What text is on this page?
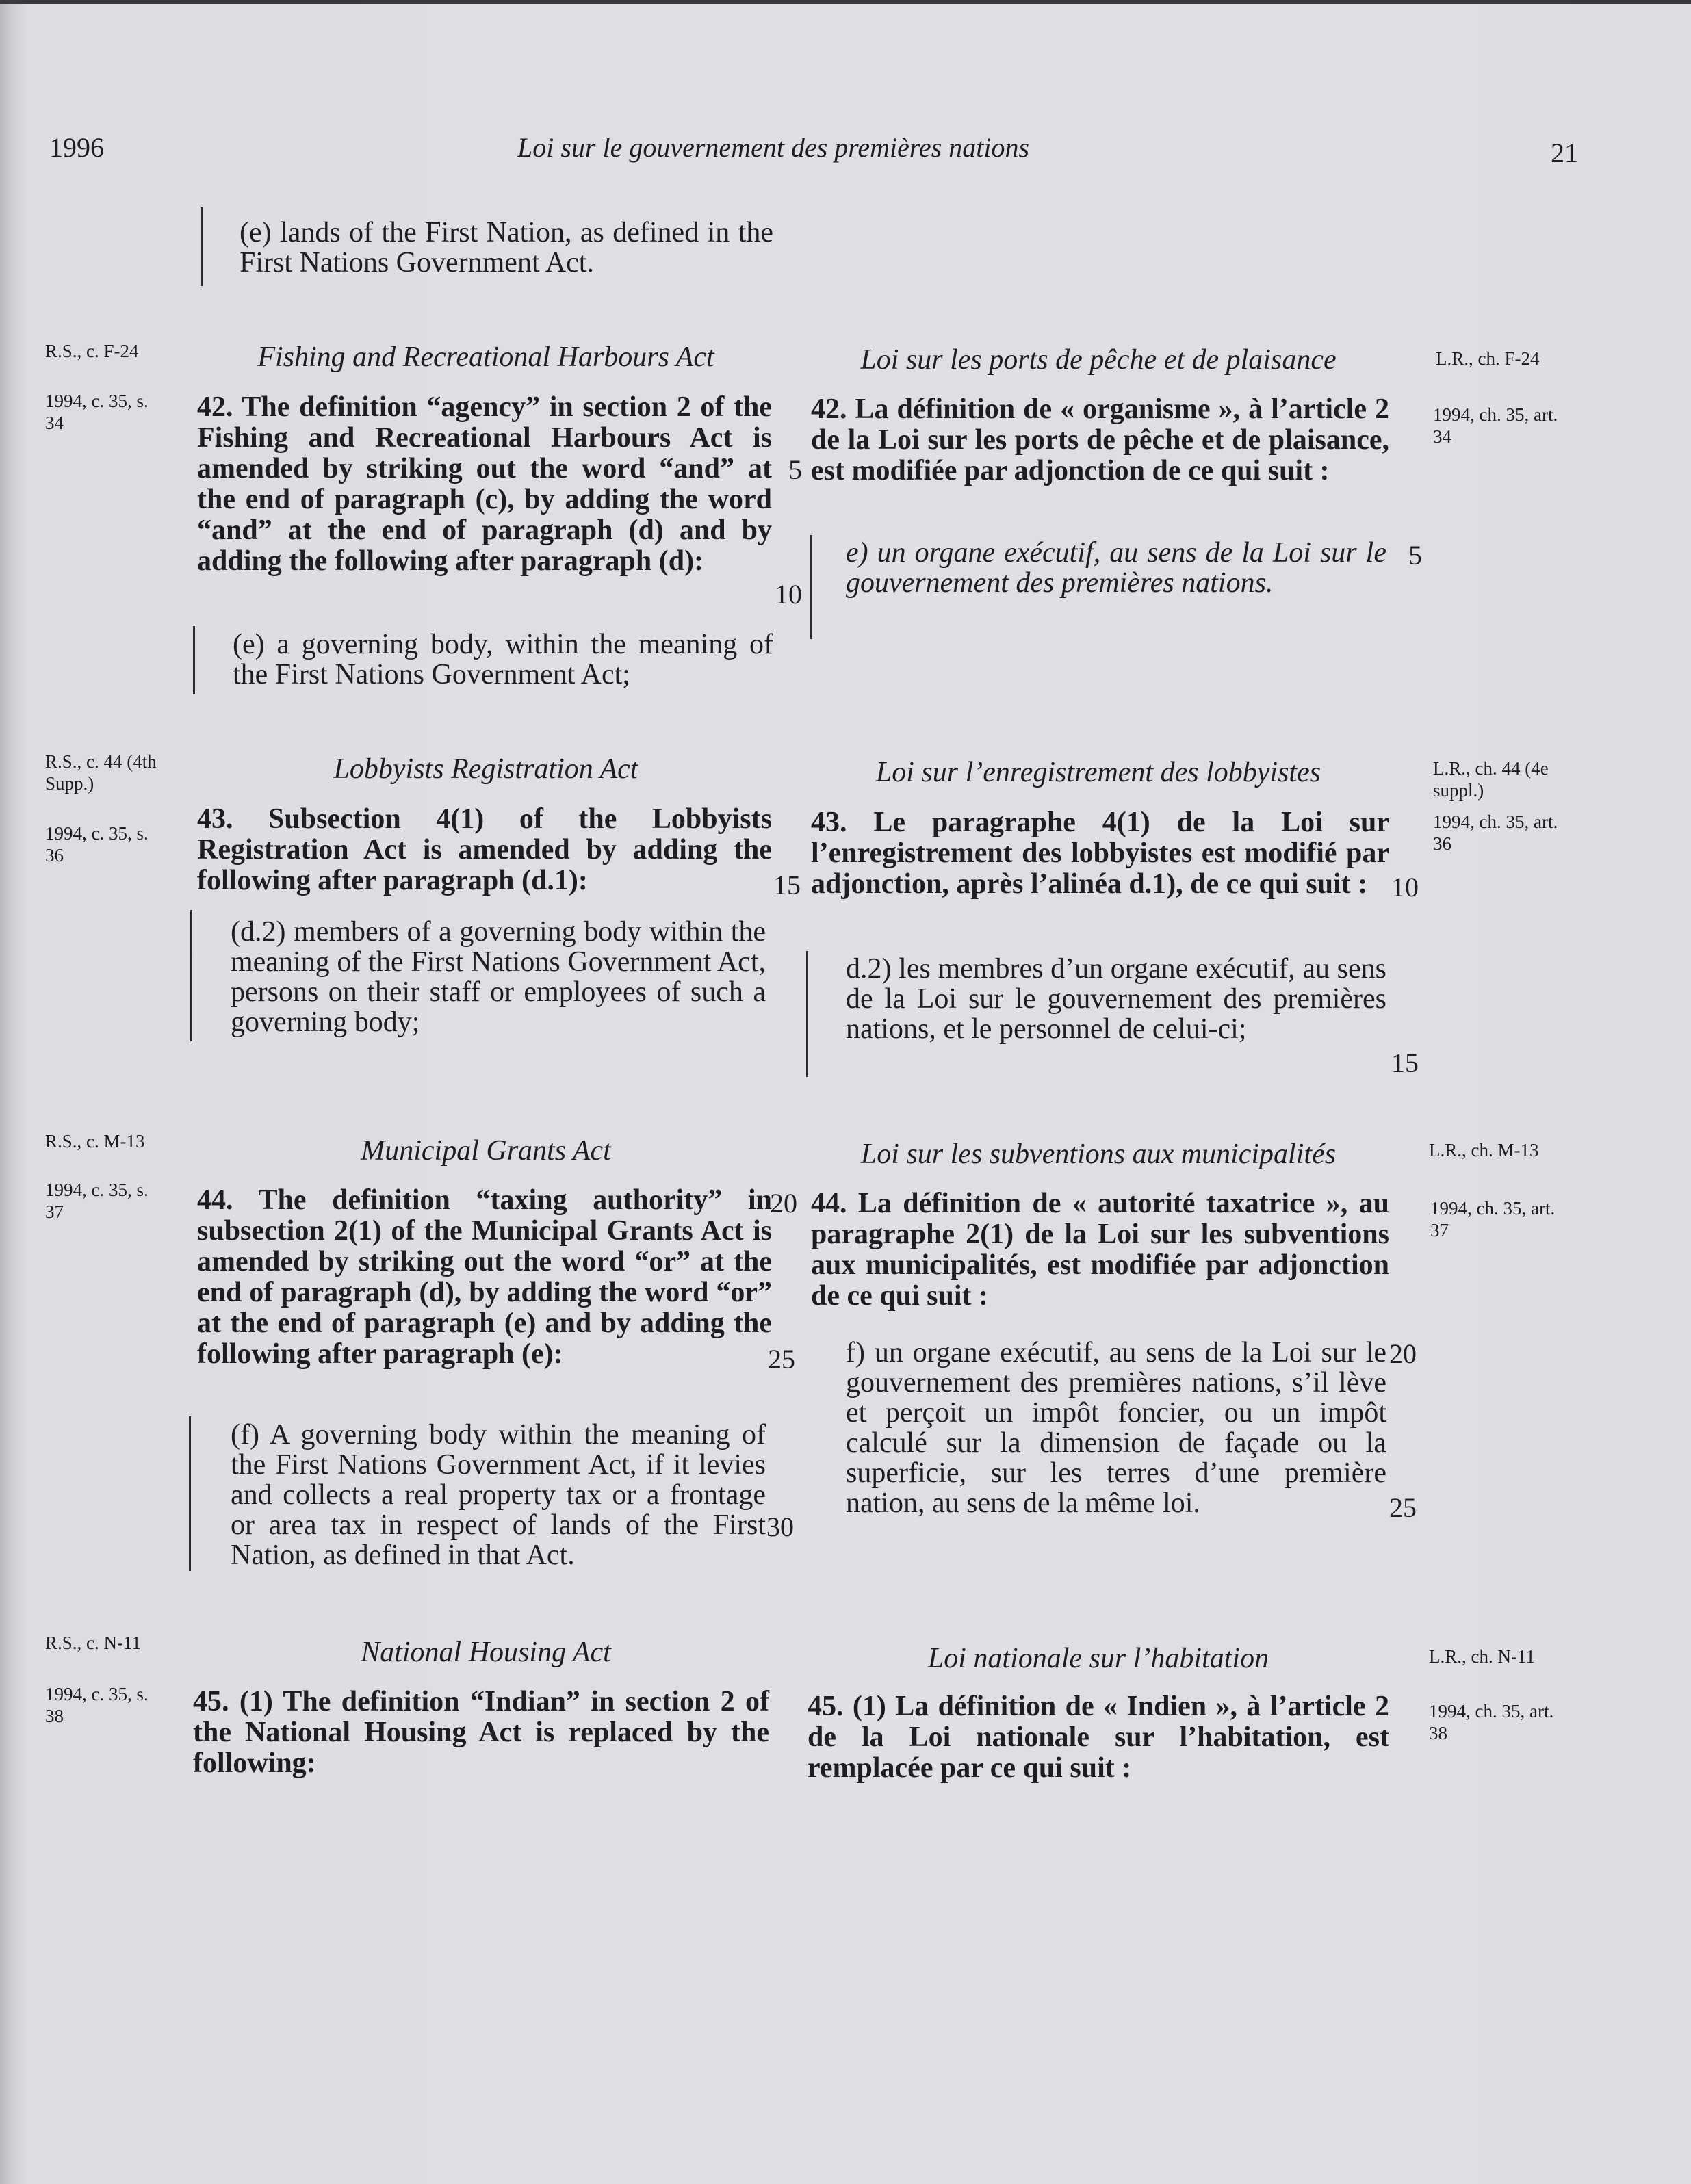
1996	Loi sur le gouvernement des premières nations	21
(e) lands of the First Nation, as defined in the First Nations Government Act.
R.S., c. F-24
1994, c. 35, s. 34
Fishing and Recreational Harbours Act
42. The definition “agency” in section 2 of the Fishing and Recreational Harbours Act is amended by striking out the word “and” at the end of paragraph (c), by adding the word “and” at the end of paragraph (d) and by adding the following after paragraph (d):
(e) a governing body, within the meaning of the First Nations Government Act;
5
10
Loi sur les ports de pêche et de plaisance	L.R., ch. F-24
1994, ch. 35, art. 34
42. La définition de « organisme », à l’article 2 de la Loi sur les ports de pêche et de plaisance, est modifiée par adjonction de ce qui suit :
e) un organe exécutif, au sens de la Loi sur le gouvernement des premières nations.
5
R.S., c. 44 (4th Supp.)
1994, c. 35, s. 36
Lobbyists Registration Act
43. Subsection 4(1) of the Lobbyists Registration Act is amended by adding the following after paragraph (d.1):
(d.2) members of a governing body within the meaning of the First Nations Government Act, persons on their staff or employees of such a governing body;
15
Loi sur l’enregistrement des lobbyistes	L.R., ch. 44 (4e suppl.)
1994, ch. 35, art. 36
43. Le paragraphe 4(1) de la Loi sur l’enregistrement des lobbyistes est modifié par adjonction, après l’alinéa d.1), de ce qui suit : 10
d.2) les membres d’un organe exécutif, au sens de la Loi sur le gouvernement des premières nations, et le personnel de celui-ci;
15
R.S., c. M-13
1994, c. 35, s. 37
Municipal Grants Act
44. The definition “taxing authority” in subsection 2(1) of the Municipal Grants Act is amended by striking out the word “or” at the end of paragraph (d), by adding the word “or” at the end of paragraph (e) and by adding the following after paragraph (e):
20
25
(f) A governing body within the meaning of the First Nations Government Act, if it levies and collects a real property tax or a frontage or area tax in respect of lands of the First Nation, as defined in that Act.
30
Loi sur les subventions aux municipalités	L.R., ch. M-13
1994, ch. 35, art. 37
44. La définition de « autorité taxatrice », au paragraphe 2(1) de la Loi sur les subventions aux municipalités, est modifiée par adjonction de ce qui suit :
f) un organe exécutif, au sens de la Loi sur le gouvernement des premières nations, s’il lève et perçoit un impôt foncier, ou un impôt calculé sur la dimension de façade ou la superficie, sur les terres d’une première nation, au sens de la même loi.
20
25
R.S., c. N-11
1994, c. 35, s. 38
National Housing Act
45. (1) The definition “Indian” in section 2 of the National Housing Act is replaced by the following:
Loi nationale sur l’habitation	L.R., ch. N-11
1994, ch. 35, art. 38
45. (1) La définition de « Indien », à l’article 2 de la Loi nationale sur l’habitation, est remplacée par ce qui suit :
